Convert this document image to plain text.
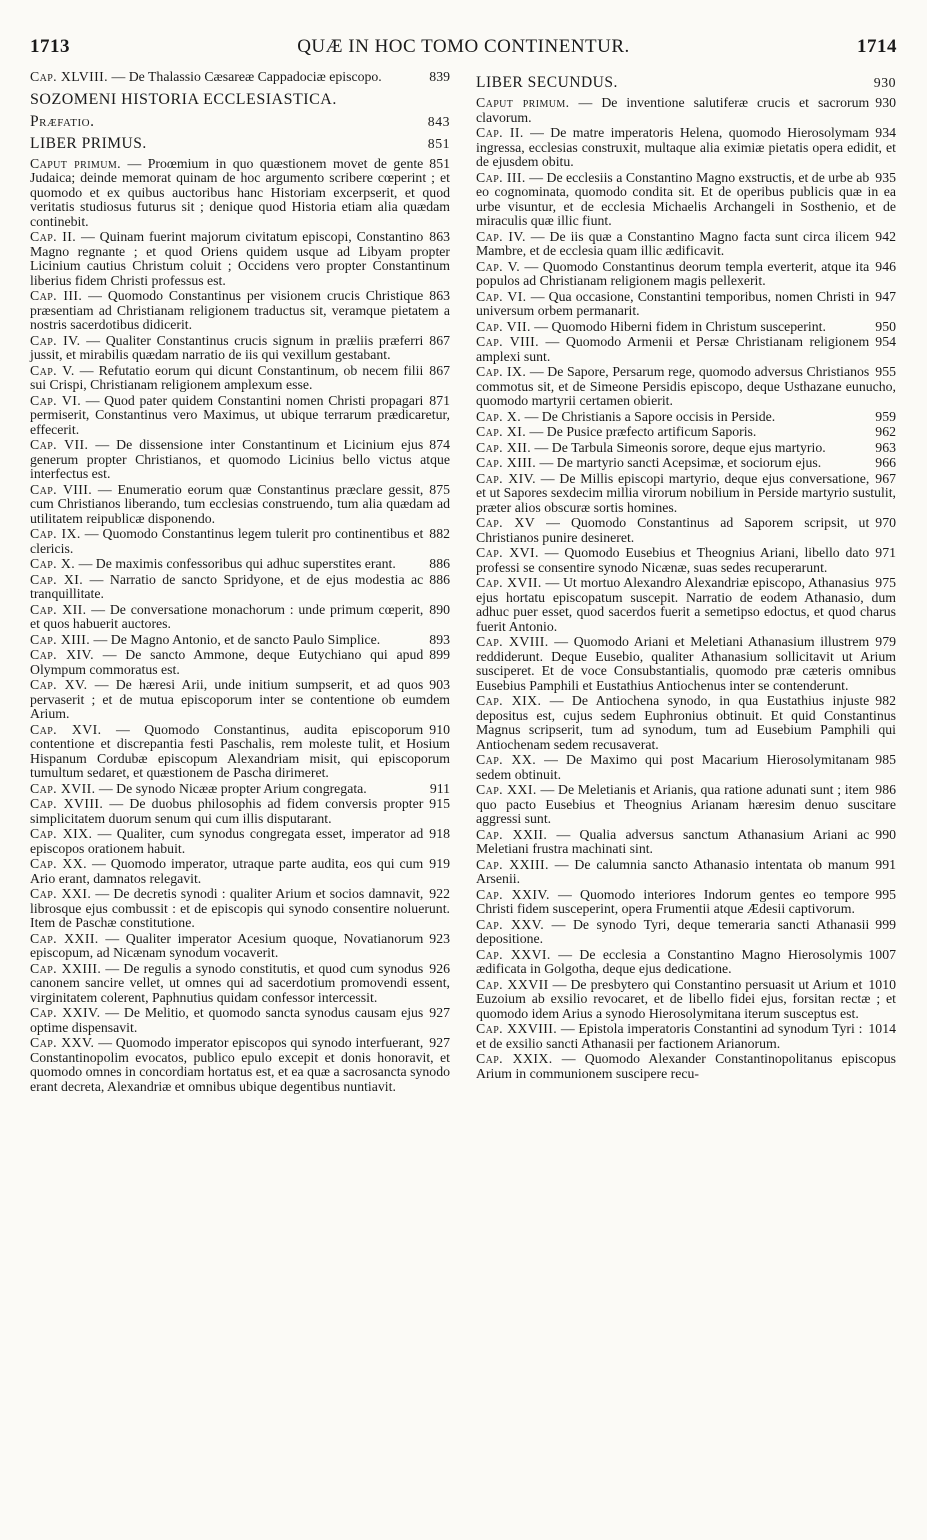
1713	QUÆ IN HOC TOMO CONTINENTUR.	1714
839
Cap. XLVIII. — De Thalassio Cæsareæ Cappadociæ episcopo.
SOZOMENI HISTORIA ECCLESIASTICA.
843
Præfatio.
851
LIBER PRIMUS.
851
Caput primum. — Proœmium in quo quæstionem movet de gente Judaica; deinde memorat quinam de hoc argumento scribere cœperint ; et quomodo et ex quibus auctoribus hanc Historiam excerpserit, et quod veritatis studiosus futurus sit ; denique quod Historia etiam alia quædam continebit.
863
Cap. II. — Quinam fuerint majorum civitatum episcopi, Constantino Magno regnante ; et quod Oriens quidem usque ad Libyam propter Licinium cautius Christum coluit ; Occidens vero propter Constantinum liberius fidem Christi professus est.
863
Cap. III. — Quomodo Constantinus per visionem crucis Christique præsentiam ad Christianam religionem traductus sit, veramque pietatem a nostris sacerdotibus didicerit.
867
Cap. IV. — Qualiter Constantinus crucis signum in præliis præferri jussit, et mirabilis quædam narratio de iis qui vexillum gestabant.
867
Cap. V. — Refutatio eorum qui dicunt Constantinum, ob necem filii sui Crispi, Christianam religionem amplexum esse.
871
Cap. VI. — Quod pater quidem Constantini nomen Christi propagari permiserit, Constantinus vero Maximus, ut ubique terrarum prædicaretur, effecerit.
874
Cap. VII. — De dissensione inter Constantinum et Licinium ejus generum propter Christianos, et quomodo Licinius bello victus atque interfectus est.
875
Cap. VIII. — Enumeratio eorum quæ Constantinus præclare gessit, cum Christianos liberando, tum ecclesias construendo, tum alia quædam ad utilitatem reipublicæ disponendo.
882
Cap. IX. — Quomodo Constantinus legem tulerit pro continentibus et clericis.
886
Cap. X. — De maximis confessoribus qui adhuc superstites erant.
886
Cap. XI. — Narratio de sancto Spridyone, et de ejus modestia ac tranquillitate.
890
Cap. XII. — De conversatione monachorum : unde primum cœperit, et quos habuerit auctores.
893
Cap. XIII. — De Magno Antonio, et de sancto Paulo Simplice.
899
Cap. XIV. — De sancto Ammone, deque Eutychiano qui apud Olympum commoratus est.
903
Cap. XV. — De hæresi Arii, unde initium sumpserit, et ad quos pervaserit ; et de mutua episcoporum inter se contentione ob eumdem Arium.
910
Cap. XVI. — Quomodo Constantinus, audita episcoporum contentione et discrepantia festi Paschalis, rem moleste tulit, et Hosium Hispanum Cordubæ episcopum Alexandriam misit, qui episcoporum tumultum sedaret, et quæstionem de Pascha dirimeret.
911
Cap. XVII. — De synodo Nicææ propter Arium congregata.
915
Cap. XVIII. — De duobus philosophis ad fidem conversis propter simplicitatem duorum senum qui cum illis disputarant.
918
Cap. XIX. — Qualiter, cum synodus congregata esset, imperator ad episcopos orationem habuit.
919
Cap. XX. — Quomodo imperator, utraque parte audita, eos qui cum Ario erant, damnatos relegavit.
922
Cap. XXI. — De decretis synodi : qualiter Arium et socios damnavit, librosque ejus combussit : et de episcopis qui synodo consentire noluerunt. Item de Paschæ constitutione.
923
Cap. XXII. — Qualiter imperator Acesium quoque, Novatianorum episcopum, ad Nicænam synodum vocaverit.
926
Cap. XXIII. — De regulis a synodo constitutis, et quod cum synodus canonem sancire vellet, ut omnes qui ad sacerdotium promovendi essent, virginitatem colerent, Paphnutius quidam confessor intercessit.
927
Cap. XXIV. — De Melitio, et quomodo sancta synodus causam ejus optime dispensavit.
927
Cap. XXV. — Quomodo imperator episcopos qui synodo interfuerant, Constantinopolim evocatos, publico epulo excepit et donis honoravit, et quomodo omnes in concordiam hortatus est, et ea quæ a sacrosancta synodo erant decreta, Alexandriæ et omnibus ubique degentibus nuntiavit.
930
LIBER SECUNDUS.
930
Caput primum. — De inventione salutiferæ crucis et sacrorum clavorum.
934
Cap. II. — De matre imperatoris Helena, quomodo Hierosolymam ingressa, ecclesias construxit, multaque alia eximiæ pietatis opera edidit, et de ejusdem obitu.
935
Cap. III. — De ecclesiis a Constantino Magno exstructis, et de urbe ab eo cognominata, quomodo condita sit. Et de operibus publicis quæ in ea urbe visuntur, et de ecclesia Michaelis Archangeli in Sosthenio, et de miraculis quæ illic fiunt.
942
Cap. IV. — De iis quæ a Constantino Magno facta sunt circa ilicem Mambre, et de ecclesia quam illic ædificavit.
946
Cap. V. — Quomodo Constantinus deorum templa everterit, atque ita populos ad Christianam religionem magis pellexerit.
947
Cap. VI. — Qua occasione, Constantini temporibus, nomen Christi in universum orbem permanarit.
950
Cap. VII. — Quomodo Hiberni fidem in Christum susceperint.
954
Cap. VIII. — Quomodo Armenii et Persæ Christianam religionem amplexi sunt.
955
Cap. IX. — De Sapore, Persarum rege, quomodo adversus Christianos commotus sit, et de Simeone Persidis episcopo, deque Usthazane eunucho, quomodo martyrii certamen obierit.
959
Cap. X. — De Christianis a Sapore occisis in Perside.
962
Cap. XI. — De Pusice præfecto artificum Saporis.
963
Cap. XII. — De Tarbula Simeonis sorore, deque ejus martyrio.
966
Cap. XIII. — De martyrio sancti Acepsimæ, et sociorum ejus.
967
Cap. XIV. — De Millis episcopi martyrio, deque ejus conversatione, et ut Sapores sexdecim millia virorum nobilium in Perside martyrio sustulit, præter alios obscuræ sortis homines.
970
Cap. XV — Quomodo Constantinus ad Saporem scripsit, ut Christianos punire desineret.
971
Cap. XVI. — Quomodo Eusebius et Theognius Ariani, libello dato professi se consentire synodo Nicænæ, suas sedes recuperarunt.
975
Cap. XVII. — Ut mortuo Alexandro Alexandriæ episcopo, Athanasius ejus hortatu episcopatum suscepit. Narratio de eodem Athanasio, dum adhuc puer esset, quod sacerdos fuerit a semetipso edoctus, et quod charus fuerit Antonio.
979
Cap. XVIII. — Quomodo Ariani et Meletiani Athanasium illustrem reddiderunt. Deque Eusebio, qualiter Athanasium sollicitavit ut Arium susciperet. Et de voce Consubstantialis, quomodo præ cæteris omnibus Eusebius Pamphili et Eustathius Antiochenus inter se contenderunt.
982
Cap. XIX. — De Antiochena synodo, in qua Eustathius injuste depositus est, cujus sedem Euphronius obtinuit. Et quid Constantinus Magnus scripserit, tum ad synodum, tum ad Eusebium Pamphili qui Antiochenam sedem recusaverat.
985
Cap. XX. — De Maximo qui post Macarium Hierosolymitanam sedem obtinuit.
986
Cap. XXI. — De Meletianis et Arianis, qua ratione adunati sunt ; item quo pacto Eusebius et Theognius Arianam hæresim denuo suscitare aggressi sunt.
990
Cap. XXII. — Qualia adversus sanctum Athanasium Ariani ac Meletiani frustra machinati sint.
991
Cap. XXIII. — De calumnia sancto Athanasio intentata ob manum Arsenii.
995
Cap. XXIV. — Quomodo interiores Indorum gentes eo tempore Christi fidem susceperint, opera Frumentii atque Ædesii captivorum.
999
Cap. XXV. — De synodo Tyri, deque temeraria sancti Athanasii depositione.
1007
Cap. XXVI. — De ecclesia a Constantino Magno Hierosolymis ædificata in Golgotha, deque ejus dedicatione.
1010
Cap. XXVII — De presbytero qui Constantino persuasit ut Arium et Euzoium ab exsilio revocaret, et de libello fidei ejus, forsitan rectæ ; et quomodo idem Arius a synodo Hierosolymitana iterum susceptus est.
1014
Cap. XXVIII. — Epistola imperatoris Constantini ad synodum Tyri : et de exsilio sancti Athanasii per factionem Arianorum.
Cap. XXIX. — Quomodo Alexander Constantinopolitanus episcopus Arium in communionem suscipere recu-
